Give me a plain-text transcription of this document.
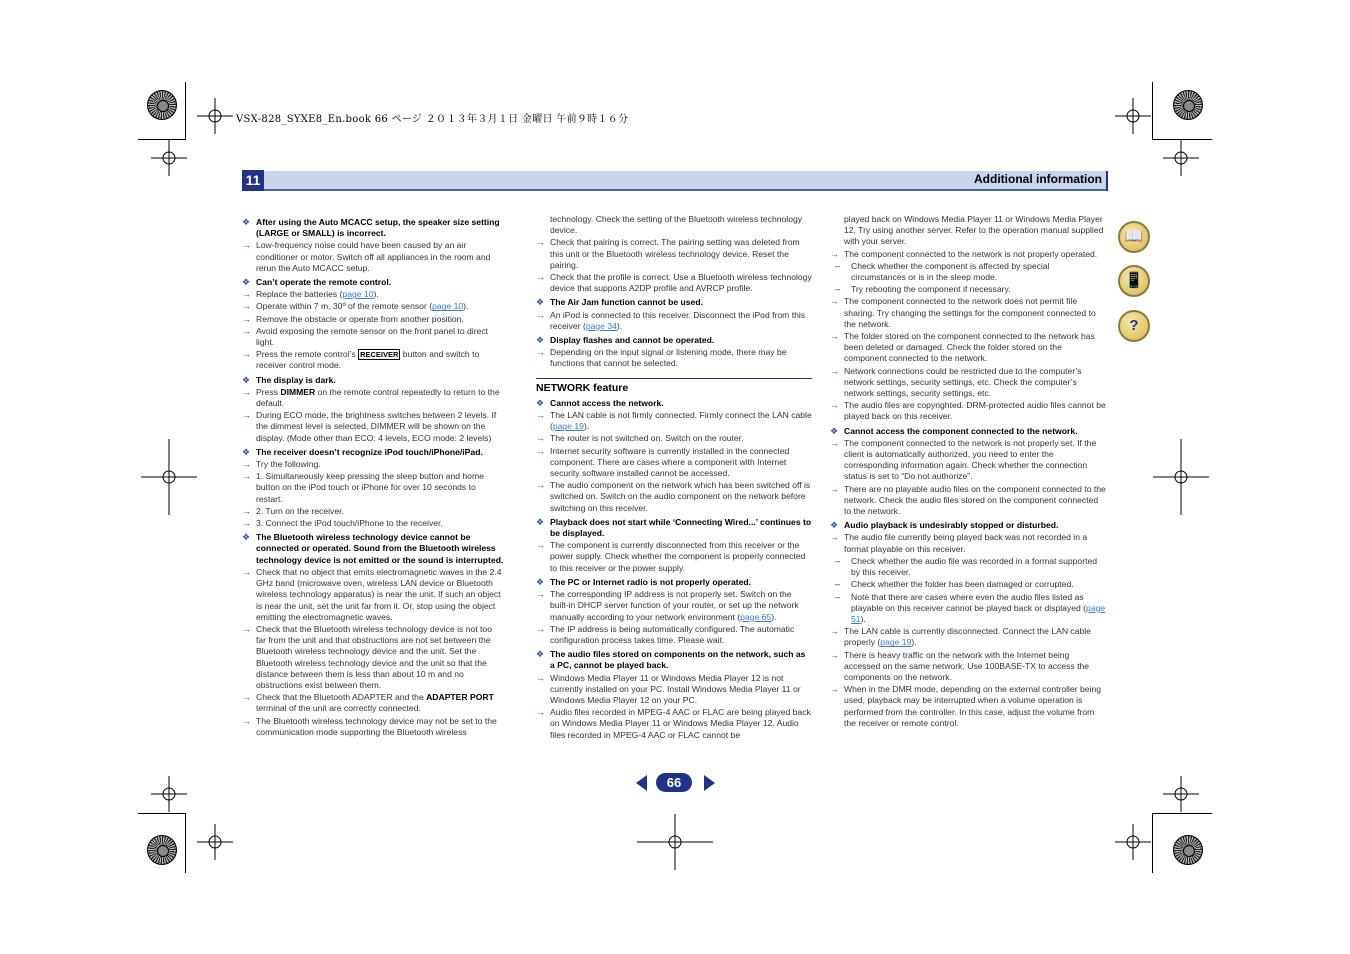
VSX-828_SYXE8_En.book 66 ページ ２０１３年３月１日 金曜日 午前９時１６分
11	Additional information
❖ After using the Auto MCACC setup, the speaker size setting (LARGE or SMALL) is incorrect.
→ Low-frequency noise could have been caused by an air conditioner or motor. Switch off all appliances in the room and rerun the Auto MCACC setup.
❖ Can’t operate the remote control.
→ Replace the batteries (page 10).
→ Operate within 7 m, 30º of the remote sensor (page 10).
→ Remove the obstacle or operate from another position.
→ Avoid exposing the remote sensor on the front panel to direct light.
→ Press the remote control’s RECEIVER button and switch to receiver control mode.
❖ The display is dark.
→ Press DIMMER on the remote control repeatedly to return to the default.
→ During ECO mode, the brightness switches between 2 levels. If the dimmest level is selected, DIMMER will be shown on the display. (Mode other than ECO: 4 levels, ECO mode: 2 levels)
❖ The receiver doesn’t recognize iPod touch/iPhone/iPad.
→ Try the following.
→ 1. Simultaneously keep pressing the sleep button and home button on the iPod touch or iPhone for over 10 seconds to restart.
→ 2. Turn on the receiver.
→ 3. Connect the iPod touch/iPhone to the receiver.
❖ The Bluetooth wireless technology device cannot be connected or operated. Sound from the Bluetooth wireless technology device is not emitted or the sound is interrupted.
→ Check that no object that emits electromagnetic waves in the 2.4 GHz band (microwave oven, wireless LAN device or Bluetooth wireless technology apparatus) is near the unit. If such an object is near the unit, set the unit far from it. Or, stop using the object emitting the electromagnetic waves.
→ Check that the Bluetooth wireless technology device is not too far from the unit and that obstructions are not set between the Bluetooth wireless technology device and the unit. Set the Bluetooth wireless technology device and the unit so that the distance between them is less than about 10 m and no obstructions exist between them.
→ Check that the Bluetooth ADAPTER and the ADAPTER PORT terminal of the unit are correctly connected.
→ The Bluetooth wireless technology device may not be set to the communication mode supporting the Bluetooth wireless
technology. Check the setting of the Bluetooth wireless technology device.
→ Check that pairing is correct. The pairing setting was deleted from this unit or the Bluetooth wireless technology device. Reset the pairing.
→ Check that the profile is correct. Use a Bluetooth wireless technology device that supports A2DP profile and AVRCP profile.
❖ The Air Jam function cannot be used.
→ An iPod is connected to this receiver. Disconnect the iPod from this receiver (page 34).
❖ Display flashes and cannot be operated.
→ Depending on the input signal or listening mode, there may be functions that cannot be selected.
NETWORK feature
❖ Cannot access the network.
→ The LAN cable is not firmly connected. Firmly connect the LAN cable (page 19).
→ The router is not switched on. Switch on the router.
→ Internet security software is currently installed in the connected component. There are cases where a component with Internet security software installed cannot be accessed.
→ The audio component on the network which has been switched off is switched on. Switch on the audio component on the network before switching on this receiver.
❖ Playback does not start while ‘Connecting Wired...’ continues to be displayed.
→ The component is currently disconnected from this receiver or the power supply. Check whether the component is properly connected to this receiver or the power supply.
❖ The PC or Internet radio is not properly operated.
→ The corresponding IP address is not properly set. Switch on the built-in DHCP server function of your router, or set up the network manually according to your network environment (page 65).
→ The IP address is being automatically configured. The automatic configuration process takes time. Please wait.
❖ The audio files stored on components on the network, such as a PC, cannot be played back.
→ Windows Media Player 11 or Windows Media Player 12 is not currently installed on your PC. Install Windows Media Player 11 or Windows Media Player 12 on your PC.
→ Audio files recorded in MPEG-4 AAC or FLAC are being played back on Windows Media Player 11 or Windows Media Player 12. Audio files recorded in MPEG-4 AAC or FLAC cannot be
played back on Windows Media Player 11 or Windows Media Player 12. Try using another server. Refer to the operation manual supplied with your server.
→ The component connected to the network is not properly operated.
– Check whether the component is affected by special circumstances or is in the sleep mode.
– Try rebooting the component if necessary.
→ The component connected to the network does not permit file sharing. Try changing the settings for the component connected to the network.
→ The folder stored on the component connected to the network has been deleted or damaged. Check the folder stored on the component connected to the network.
→ Network connections could be restricted due to the computer’s network settings, security settings, etc. Check the computer’s network settings, security settings, etc.
→ The audio files are copyrighted. DRM-protected audio files cannot be played back on this receiver.
❖ Cannot access the component connected to the network.
→ The component connected to the network is not properly set. If the client is automatically authorized, you need to enter the corresponding information again. Check whether the connection status is set to “Do not authorize”.
→ There are no playable audio files on the component connected to the network. Check the audio files stored on the component connected to the network.
❖ Audio playback is undesirably stopped or disturbed.
→ The audio file currently being played back was not recorded in a format playable on this receiver.
– Check whether the audio file was recorded in a format supported by this receiver.
– Check whether the folder has been damaged or corrupted.
– Note that there are cases where even the audio files listed as playable on this receiver cannot be played back or displayed (page 51).
→ The LAN cable is currently disconnected. Connect the LAN cable properly (page 19).
→ There is heavy traffic on the network with the Internet being accessed on the same network. Use 100BASE-TX to access the components on the network.
→ When in the DMR mode, depending on the external controller being used, playback may be interrupted when a volume operation is performed from the controller. In this case, adjust the volume from the receiver or remote control.
📖
📱
?
66
